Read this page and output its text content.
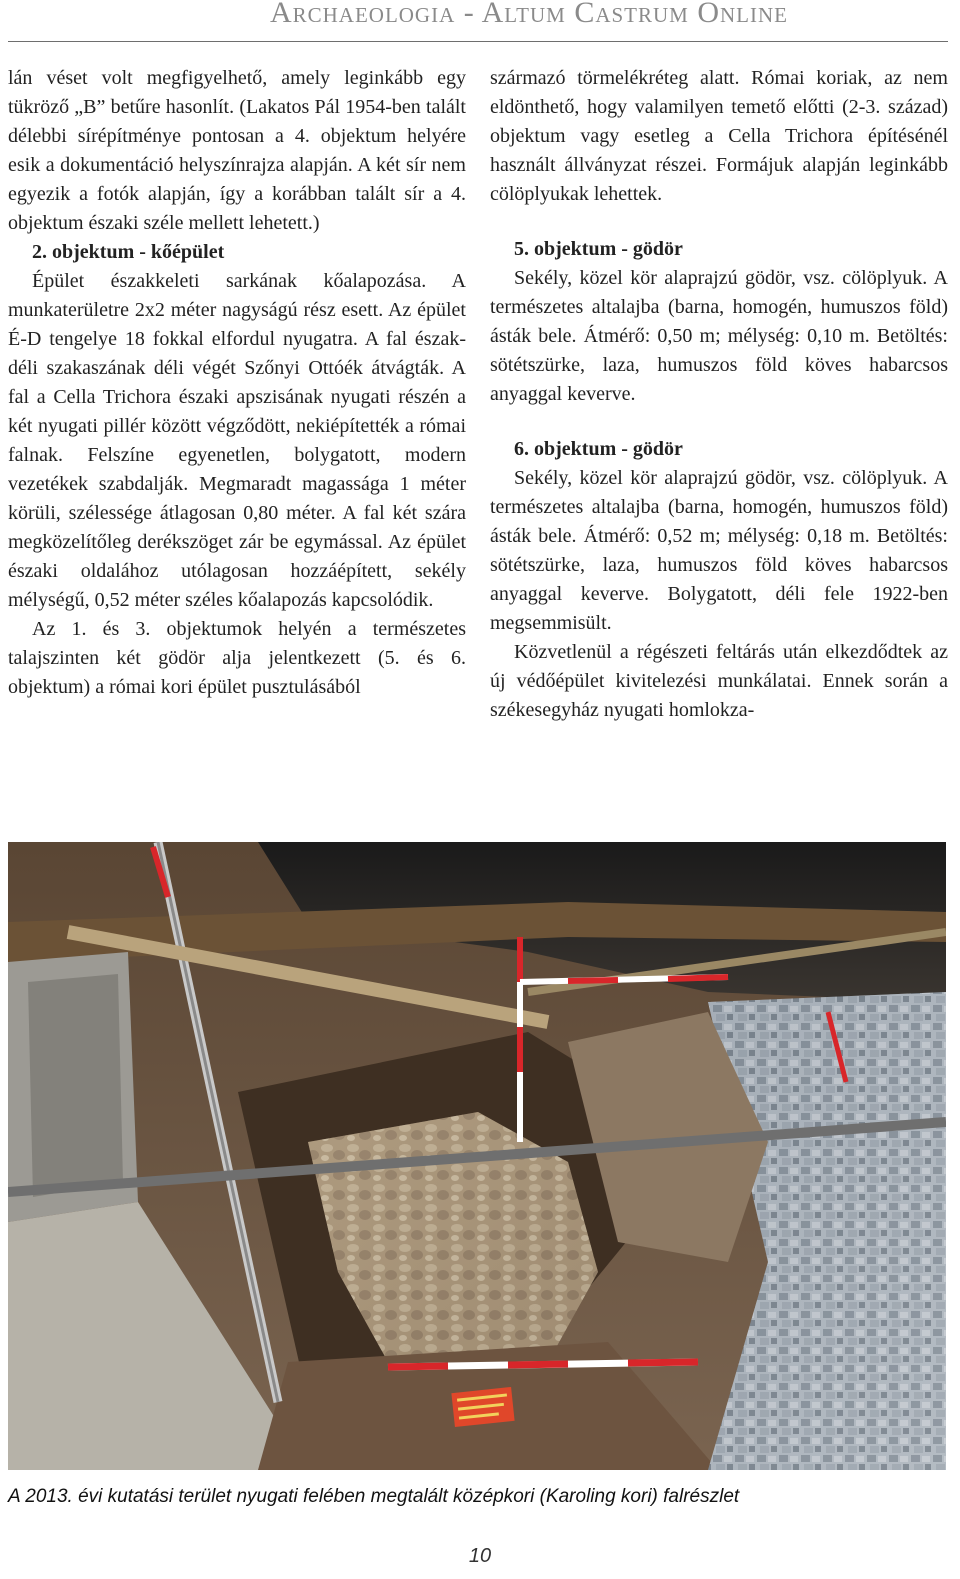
Archaeologia - Altum Castrum Online

lán véset volt megfigyelhető, amely leginkább egy tükröző „B” betűre hasonlít. (Lakatos Pál 1954-ben talált délebbi sírépítménye pontosan a 4. objektum helyére esik a dokumentáció helyszínrajza alapján. A két sír nem egyezik a fotók alapján, így a korábban talált sír a 4. objektum északi széle mellett lehetett.)

2. objektum - kőépület

Épület északkeleti sarkának kőalapozása. A munkaterületre 2x2 méter nagyságú rész esett. Az épület É-D tengelye 18 fokkal elfordul nyugatra. A fal észak-déli szakaszának déli végét Szőnyi Ottóék átvágták. A fal a Cella Trichora északi apszisának nyugati részén a két nyugati pillér között végződött, nekiépítették a római falnak. Felszíne egyenetlen, bolygatott, modern vezetékek szabdalják. Megmaradt magassága 1 méter körüli, szélessége átlagosan 0,80 méter. A fal két szára megközelítőleg derékszöget zár be egymással. Az épület északi oldalához utólagosan hozzáépített, sekély mélységű, 0,52 méter széles kőalapozás kapcsolódik.

Az 1. és 3. objektumok helyén a természetes talajszinten két gödör alja jelentkezett (5. és 6. objektum) a római kori épület pusztulásából

származó törmelékréteg alatt. Római koriak, az nem eldönthető, hogy valamilyen temető előtti (2-3. század) objektum vagy esetleg a Cella Trichora építésénél használt állványzat részei. Formájuk alapján leginkább cölöplyukak lehettek.

5. objektum - gödör

Sekély, közel kör alaprajzú gödör, vsz. cölöplyuk. A természetes altalajba (barna, homogén, humuszos föld) ásták bele. Átmérő: 0,50 m; mélység: 0,10 m. Betöltés: sötétszürke, laza, humuszos föld köves habarcsos anyaggal keverve.

6. objektum - gödör

Sekély, közel kör alaprajzú gödör, vsz. cölöplyuk. A természetes altalajba (barna, homogén, humuszos föld) ásták bele. Átmérő: 0,52 m; mélység: 0,18 m. Betöltés: sötétszürke, laza, humuszos föld köves habarcsos anyaggal keverve. Bolygatott, déli fele 1922-ben megsemmisült.

Közvetlenül a régészeti feltárás után elkezdődtek az új védőépület kivitelezési munkálatai. Ennek során a székesegyház nyugati homlokza-

A 2013. évi kutatási terület nyugati felében megtalált középkori (Karoling kori) falrészlet
10
